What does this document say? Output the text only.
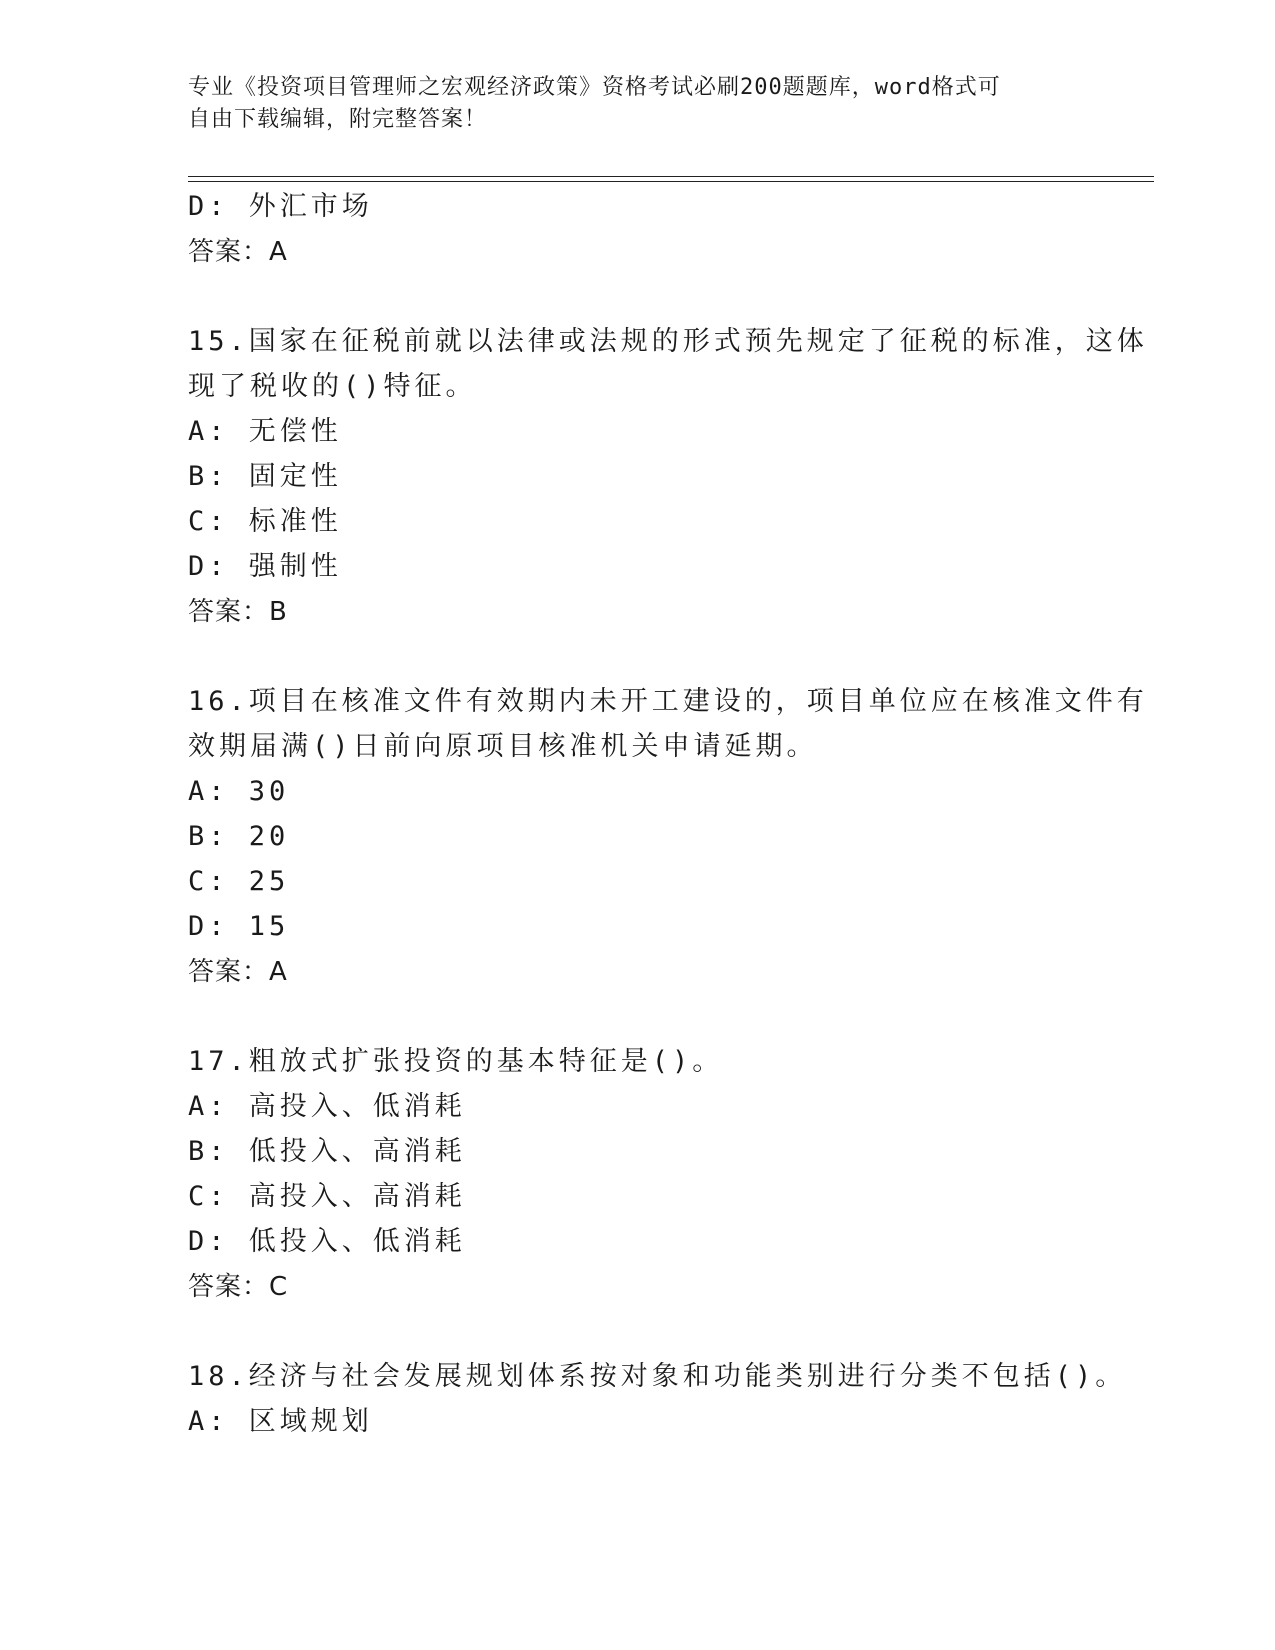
专业《投资项目管理师之宏观经济政策》资格考试必刷200题题库，word格式可
自由下载编辑，附完整答案！
D: 外汇市场
答案：A
15.国家在征税前就以法律或法规的形式预先规定了征税的标准，这体
现了税收的()特征。
A: 无偿性
B: 固定性
C: 标准性
D: 强制性
答案：B
16.项目在核准文件有效期内未开工建设的，项目单位应在核准文件有
效期届满()日前向原项目核准机关申请延期。
A: 30
B: 20
C: 25
D: 15
答案：A
17.粗放式扩张投资的基本特征是()。
A: 高投入、低消耗
B: 低投入、高消耗
C: 高投入、高消耗
D: 低投入、低消耗
答案：C
18.经济与社会发展规划体系按对象和功能类别进行分类不包括()。
A: 区域规划
